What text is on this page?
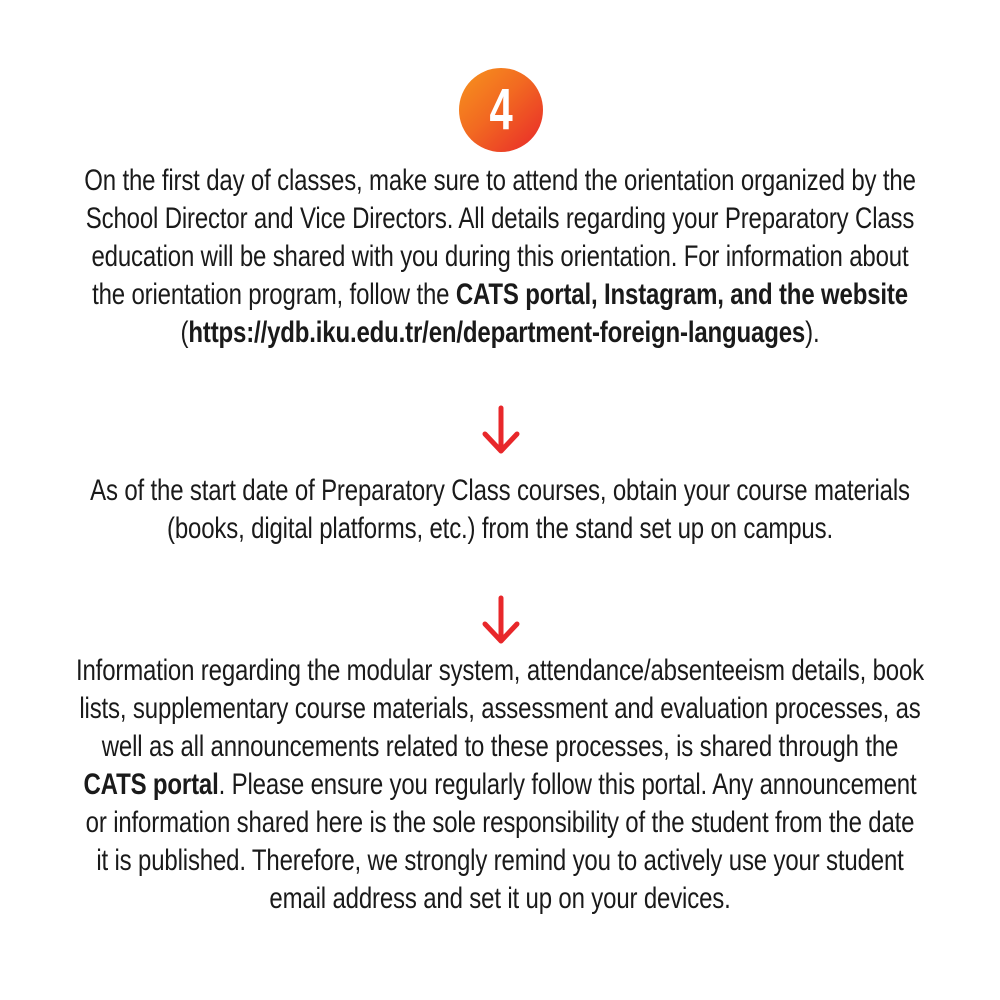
4
On the first day of classes, make sure to attend the orientation organized by the
School Director and Vice Directors. All details regarding your Preparatory Class
education will be shared with you during this orientation. For information about
the orientation program, follow the CATS portal, Instagram, and the website
(https://ydb.iku.edu.tr/en/department-foreign-languages).
As of the start date of Preparatory Class courses, obtain your course materials
(books, digital platforms, etc.) from the stand set up on campus.
Information regarding the modular system, attendance/absenteeism details, book
lists, supplementary course materials, assessment and evaluation processes, as
well as all announcements related to these processes, is shared through the
CATS portal. Please ensure you regularly follow this portal. Any announcement
or information shared here is the sole responsibility of the student from the date
it is published. Therefore, we strongly remind you to actively use your student
email address and set it up on your devices.
